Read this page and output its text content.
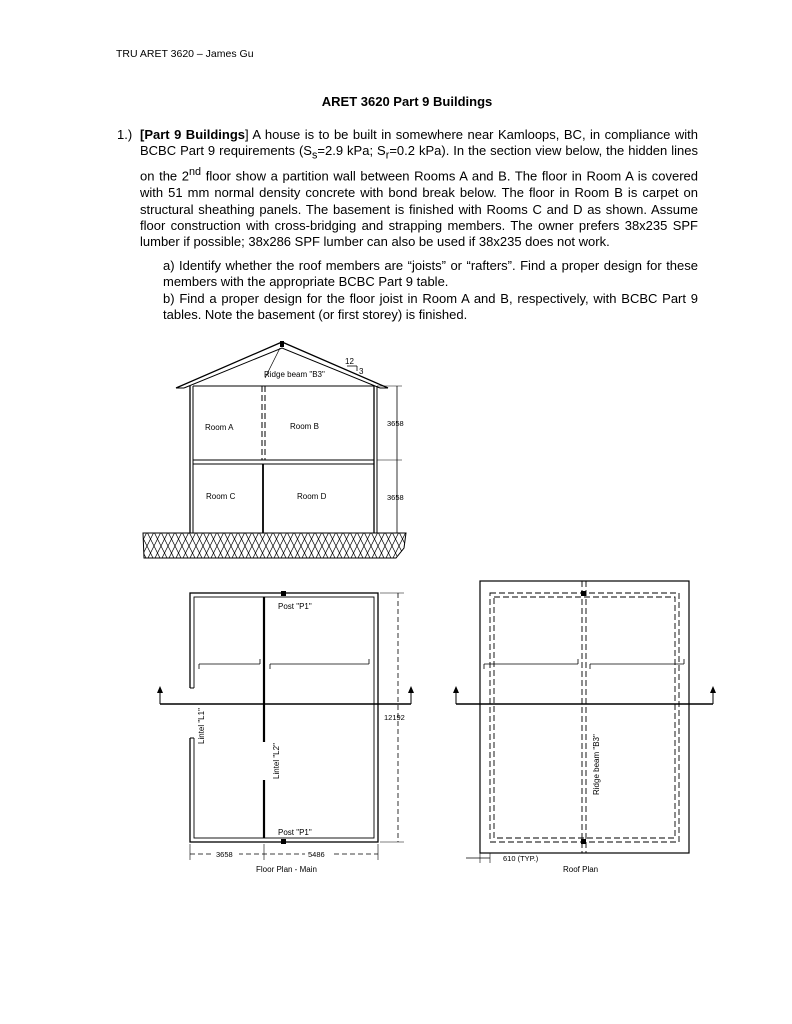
TRU ARET 3620 – James Gu
ARET 3620 Part 9 Buildings
1.) [Part 9 Buildings] A house is to be built in somewhere near Kamloops, BC, in compliance with BCBC Part 9 requirements ($S_s=2.9$ kPa; $S_r=0.2$ kPa). In the section view below, the hidden lines on the 2nd floor show a partition wall between Rooms A and B. The floor in Room A is covered with 51 mm normal density concrete with bond break below. The floor in Room B is carpet on structural sheathing panels. The basement is finished with Rooms C and D as shown. Assume floor construction with cross-bridging and strapping members. The owner prefers 38x235 SPF lumber if possible; 38x286 SPF lumber can also be used if 38x235 does not work.
a) Identify whether the roof members are “joists” or “rafters”. Find a proper design for these members with the appropriate BCBC Part 9 table.
b) Find a proper design for the floor joist in Room A and B, respectively, with BCBC Part 9 tables. Note the basement (or first storey) is finished.
Ridge beam "B3"
12
3
Room A	Room B
Room C	Room D
3658
3658
Post "P1"
Post "P1"
Lintel "L1"
Lintel "L2"
12192
3658	5486
Floor Plan - Main
Ridge beam "B3"
610 (TYP.)
Roof Plan
